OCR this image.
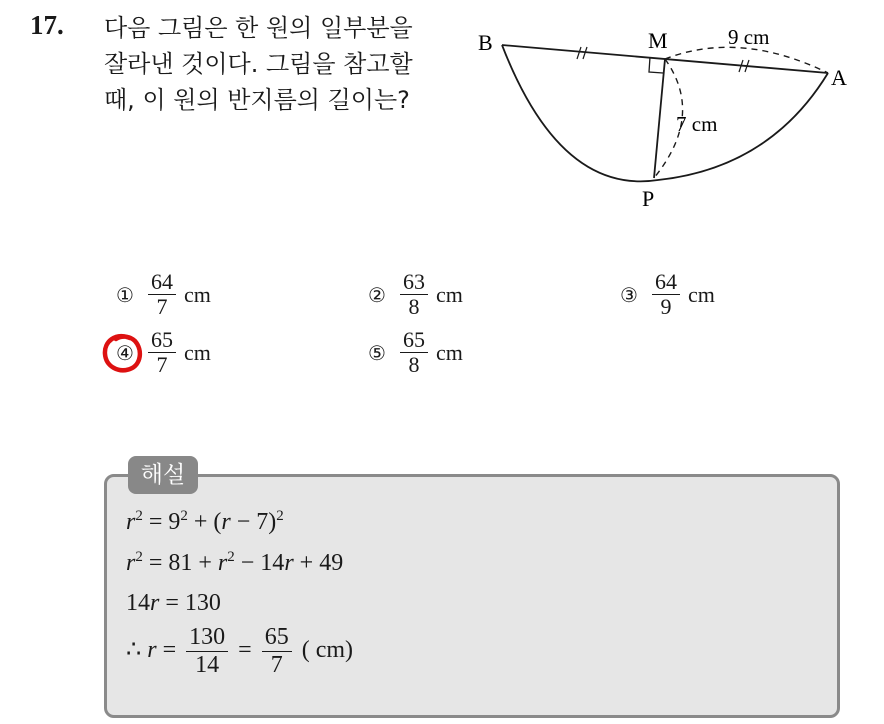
17. 다음 그림은 한 원의 일부분을
잘라낸 것이다. 그림을 참고할
때, 이 원의 반지름의 길이는?
B	M
A
P
9 cm
7 cm
① $\frac{64}{7}$ cm	② $\frac{63}{8}$ cm	③ $\frac{64}{9}$ cm
④ $\frac{65}{7}$ cm	⑤ $\frac{65}{8}$ cm
해설
$r^2 = 9^2 + (r - 7)^2$
$r^2 = 81 + r^2 - 14r + 49$
14r = 130
∴ $r = \frac{130}{14} = \frac{65}{7}$ ( cm)
